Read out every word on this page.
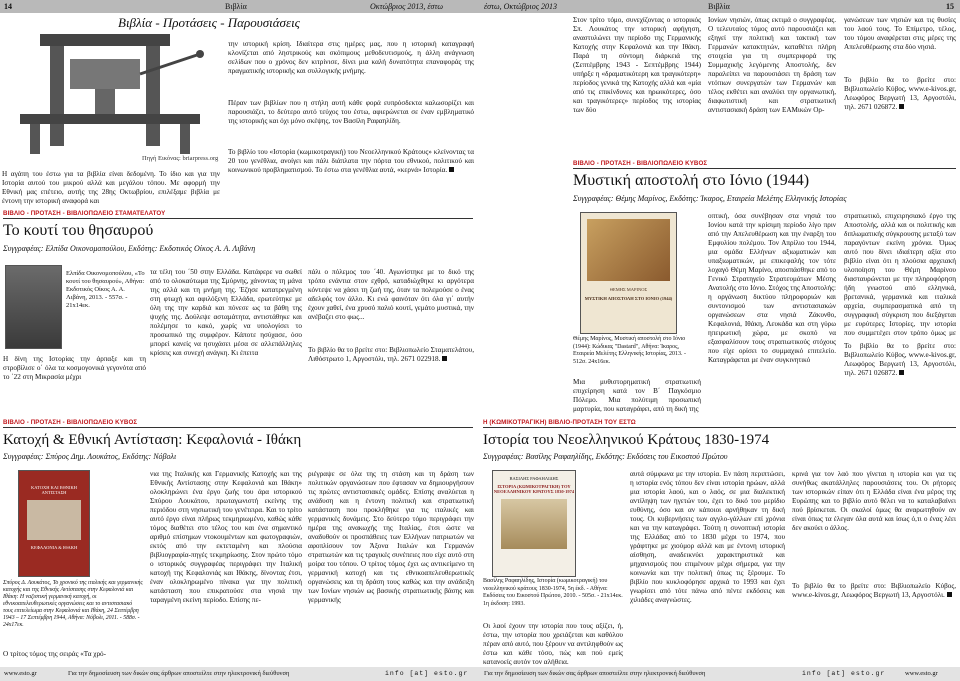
14	Βιβλία	Οκτώβριος 2013, έστω
Πηγή Εικόνας: briarpress.org
Βιβλία - Προτάσεις - Παρουσιάσεις

Η αγάπη του έστω για τα βιβλία είναι δεδομένη. Το ίδιο και για την Ιστορία αυτού του μικρού αλλά και μεγάλου τόπου. Με αφορμή την Εθνική μας επέτειο, αυτής της 28ης Οκτωβρίου, επιλέξαμε βιβλία με έντονη την ιστορική αναφορά και

την ιστορική κρίση. Ιδιαίτερα στις ημέρες μας, που η ιστορική καταγραφή κλονίζεται από ληστρικούς και σκόπιμους μεθοδευτισμούς, η άλλη ανάγνωση σελίδων που ο χρόνος δεν κιτρίνισε, δίνει μια καλή δυνατότητα επαναφοράς της πραγματικής ιστορικής και συλλογικής μνήμης.

Πέραν των βιβλίων που η στήλη αυτή κάθε φορά ευπρόσδεκτα καλωσορίζει και παρουσιάζει, το δεύτερο αυτό τεύχος του έστω, αφιερώνεται σε έναν εμβληματικό της ιστορικής και όχι μόνο σκέψης, τον Βασίλη Ραφαηλίδη.

Το βιβλίο του «Ιστορία (κωμικοτραγική) του Νεοελληνικού Κράτους» κλείνοντας τα 20 του γενέθλια, ανοίγει και πάλι διάπλατα την πόρτα του εθνικού, πολιτικού και κοινωνικού προβληματισμού. Το έστω στα γενέθλια αυτά, «κερνά» Ιστορία.

ΒΙΒΛΙΟ - ΠΡΟΤΑΣΗ - ΒΙΒΛΙΟΠΩΛΕΙΟ ΣΤΑΜΑΤΕΛΑΤΟΥ
Το κουτί του θησαυρού
Συγγραφέας: Ελπίδα Οικονομοπούλου, Εκδότης: Εκδοτικός Οίκος Α. Α. Λιβάνη
Ελπίδα Οικονομοπούλου, «Το κουτί του θησαυρού», Αθήνα: Εκδοτικός Οίκος Α. Α. Λιβάνη, 2013. - 557σ. - 21x14εκ.

Η δίνη της Ιστορίας την άρπαξε και τη στροβίλισε ο΄ όλα τα κοσμογονικά γεγονότα από το ΄22 στη Μικρασία μέχρι

τα τέλη του ΄50 στην Ελλάδα. Κατάφερε να σωθεί από το ολοκαύτωμα της Σμύρνης, χάνοντας τη μάνα της αλλά και τη μνήμη της. Έζησε κατατρεγμένη στη φτωχή και αφιλόξενη Ελλάδα, ερωτεύτηκε με όλη της την καρδιά και πόνεσε ως τα βάθη της ψυχής της. Δούλεψε ασταμάτητα, αντιστάθηκε και πολέμησε το κακό, χωρίς να υπολογίσει το προσωπικό της συμφέρον. Κάποτε ησύχασε, όσο μπορεί κανείς να ησυχάσει μέσα σε αλλεπάλληλες κρίσεις και συνεχή ανάγκη. Κι έπειτα

πάλι ο πόλεμος του ΄40. Αγωνίστηκε με το δικό της τρόπο ενάντια στον εχθρό, καταδιώχθηκε κι αργότερα κόντεψε να χάσει τη ζωή της, όταν τα πολεμούσε ο ένας αδελφός τον άλλο. Κι ενώ φαινόταν ότι όλα γι΄ αυτήν έχουν χαθεί, ένα χρυσό παλιό κουτί, γεμάτο μυστικά, την ανέβαζει στο φως...

Το βιβλίο θα το βρείτε στο: Βιβλιοπωλείο Σταματελάτου, Λιθόστρωτο 1, Αργοστόλι, τηλ. 2671 022918.

ΒΙΒΛΙΟ - ΠΡΟΤΑΣΗ - ΒΙΒΛΙΟΠΩΛΕΙΟ ΚΥΒΟΣ
Κατοχή & Εθνική Αντίσταση: Κεφαλονιά - Ιθάκη
Συγγραφέας: Σπύρος Δημ. Λουκάτος, Εκδότης: Νόβολι
ΚΑΤΟΧΗ ΚΑΙ ΕΘΝΙΚΗ ΑΝΤΙΣΤΑΣΗ
ΚΕΦΑΛΟΝΙΑ & ΙΘΑΚΗ
Σπύρος Δ. Λουκάτος, Το χρονικό της ιταλικής και γερμανικής κατοχής και της Εθνικής Αντίστασης στην Κεφαλονιά και Ιθάκη: Η ναζιστική γερμανική κατοχή, οι εθνικοαπελευθερωτικές οργανώσεις και το αντιστασιακό τους επιτελείωμα στην Κεφαλονιά και Ιθάκη, 24 Σεπτέμβρη 1943 – 17 Σεπτέμβρη 1944, Αθήνα: Νόβολι, 2011. - 588σ. - 24x17εκ.

Ο τρίτος τόμος της σειράς «Τα χρό-

νια της Ιταλικής και Γερμανικής Κατοχής και της Εθνικής Αντίστασης στην Κεφαλονιά και Ιθάκη» ολοκληρώνει ένα έργο ζωής του άρα ιστορικού Σπύρου Λουκάτου, πρωταγωνιστή εκείνης της περιόδου στη νησιωτική του γενέτειρα. Και το τρίτο αυτό έργο είναι πλήρως τεκμηριωμένο, καθώς κάθε τόμος διαθέτει στο τέλος του και ένα σημαντικό αριθμό επίσημων ντοκουμέντων και φωτογραφιών, εκτός από την εκτεταμένη και πλούσια βιβλιογραφία-πηγές τεκμηρίωσης. Στον πρώτο τόμο ο ιστορικός συγγραφέας περιγράφει την Ιταλική κατοχή της Κεφαλονιάς και Ιθάκης, δίνοντας έτσι, έναν ολοκληρωμένο πίνακα για την πολιτική κατάσταση που επικρατούσε στα νησιά την ταραγμένη εκείνη περίοδο. Επίσης πε-

ριέγραψε σε όλα της τη στάση και τη δράση των πολιτικών οργανώσεων που έφτασαν να δημιουργήσουν τις πρώτες αντιστασιακές ομάδες. Επίσης αναλύεται η ανάδυση και η έντονη πολιτική και στρατιωτική κατάσταση που προκλήθηκε για τις ιταλικές και γερμανικές δυνάμεις. Στο δεύτερο τόμο περιγράφει την ημέρα της ανακωχής της Ιταλίας, έτσι ώστε να αναδυθούν οι προσπάθειες των Ελλήνων πατριωτών να αφοπλίσουν τον Άξονα Ιταλών και Γερμανών στρατιωτών και τις τραγικές συνέπειες που είχε αυτό στη μοίρα του τόπου. Ο τρίτος τόμος έχει ως αντικείμενο τη γερμανική κατοχή και τις εθνικοαπελευθερωτικές οργανώσεις και τη δράση τους καθώς και την ανάδειξη των Ιονίων νησιών ως βασικής στρατιωτικής βάσης και γερμανικής

www.esto.gr	Για την δημοσίευση των δικών σας άρθρων αποστείλτε στην ηλεκτρονική διεύθυνση	info [at] esto.gr
έστω, Οκτώβριος 2013	Βιβλία	15

Στον τρίτο τόμο, συνεχίζοντας ο ιστορικός Σπ. Λουκάτος την ιστορική αφήγηση, αναστυλώνει την περίοδο της Γερμανικής Κατοχής στην Κεφαλονιά και την Ιθάκη. Παρά τη σύντομη διάρκειά της (Σεπτέμβρης 1943 - Σεπτέμβρης 1944) υπήρξε η «δραματικότερη και τραγικότερη» περίοδος γενικά της Κατοχής αλλά και «μία από τις επικίνδυνες και ηρωικότερες, όσο και τραγικότερες» περίοδος της ιστορίας των δύο

Ιονίων νησιών, όπως εκτιμά ο συγγραφέας. Ο τελευταίος τόμος αυτό παρουσιάζει και εξηγεί την πολιτική και τακτική των Γερμανών κατακτητών, καταθέτει πλήρη στοιχεία για τη συμπεριφορά της Συμμαχικής λεγόμενης Αποστολής, δεν παραλείπει να παρουσιάσει τη δράση των ντόπιων συνεργατών των Γερμανών και τέλος εκθέτει και αναλύει την οργανωτική, διαφωτιστική και στρατιωτική αντιστασιακή δράση των ΕΑΜικών Ορ-

γανώσεων των νησιών και τις θυσίες του λαού τους. Το Επίμετρο, τέλος, του τόμου αναφέρεται στις μέρες της Απελευθέρωσης στα δύο νησιά.

Το βιβλίο θα το βρείτε στο: Βιβλιοπωλείο Κύβος, www.e-kivos.gr, Λεωφόρος Βεργωτή 13, Αργοστόλι, τηλ. 2671 026872.

ΒΙΒΛΙΟ - ΠΡΟΤΑΣΗ - ΒΙΒΛΙΟΠΩΛΕΙΟ ΚΥΒΟΣ
Μυστική αποστολή στο Ιόνιο (1944)
Συγγραφέας: Θέμης Μαρίνος, Εκδότης: Ίκαρος, Εταιρεία Μελέτης Ελληνικής Ιστορίας
ΘΕΜΗΣ ΜΑΡΙΝΟΣ
ΜΥΣΤΙΚΗ ΑΠΟΣΤΟΛΗ ΣΤΟ ΙΟΝΙΟ (1944)
Θέμης Μαρίνος, Μυστική αποστολή στο Ιόνιο (1944): Κώδικας "Dastard", Αθήνα: Ίκαρος, Εταιρεία Μελέτης Ελληνικής Ιστορίας, 2013. - 512σ. 24x16εκ.

Μια μυθιστορηματική στρατιωτική επιχείρηση κατά τον Β΄ Παγκόσμιο Πόλεμο. Μια πολύτιμη προσωπική μαρτυρία, που καταγράφει, από τη δική της

οπτική, όσα συνέβησαν στα νησιά του Ιονίου κατά την κρίσιμη περίοδο λίγο πριν από την Απελευθέρωση και την έναρξη του Εμφυλίου πολέμου. Τον Απρίλιο του 1944, μια ομάδα Ελλήνων αξιωματικών και υπαξιωματικών, με επικεφαλής τον τότε λοχαγό Θέμη Μαρίνο, αποσπάσθηκε από το Γενικό Στρατηγείο Στρατευμάτων Μέσης Ανατολής στο Ιόνιο. Στόχος της Αποστολής: η οργάνωση δικτύου πληροφοριών και συντονισμού των αντιστασιακών οργανώσεων στα νησιά Ζάκυνθο, Κεφαλονιά, Ιθάκη, Λευκάδα και στη γύρω ηπειρωτική χώρα, με σκοπό να εξασφαλίσουν τους στρατιωτικούς στόχους που είχε ορίσει το συμμαχικό επιτελείο. Καταγράφεται με έναν συγκινητικό

στρατιωτικό, επιχειρησιακό έργο της Αποστολής, αλλά και οι πολιτικής και διπλωματικής σύγκρουσης μεταξύ των παραγόντων εκείνη χρόνια. Όμως αυτό που δίνει ιδιαίτερη αξία στο βιβλίο είναι ότι η πλούσια αρχειακή υλοποίηση του Θέμη Μαρίνου διασταυρώνεται με την πληροφόρηση ήδη γνωστού από ελληνικά, βρετανικά, γερμανικά και ιταλικά αρχεία, συμπερασματικά από τη συγγραφική σύγκριση που διεξάγεται με ευρύτερες Ιστορίες, την ιστορία που συμμετέχει στον τρόπο όμως με

Το βιβλίο θα το βρείτε στο: Βιβλιοπωλείο Κύβος, www.e-kivos.gr, Λεωφόρος Βεργωτή 13, Αργοστόλι, τηλ. 2671 026872.

Η (ΚΩΜΙΚΟΤΡΑΓΙΚΗ) ΒΙΒΛΙΟ-ΠΡΟΤΑΣΗ ΤΟΥ ΕΣΤΩ
Ιστορία του Νεοελληνικού Κράτους 1830-1974
Συγγραφέας: Βασίλης Ραφαηλίδης, Εκδότης: Εκδόσεις του Εικοστού Πρώτου
ΒΑΣΙΛΗΣ ΡΑΦΑΗΛΙΔΗΣ
ΙΣΤΟΡΙΑ (ΚΩΜΙΚΟΤΡΑΓΙΚΗ) ΤΟΥ ΝΕΟΕΛΛΗΝΙΚΟΥ ΚΡΑΤΟΥΣ 1830-1974
Βασίλης Ραφαηλίδης, Ιστορία (κωμικοτραγική) του νεοελληνικού κράτους 1830-1974, 5η έκδ. - Αθήνα: Εκδόσεις του Εικοστού Πρώτου, 2010. - 505σ. - 21x14εκ. 1η έκδοση: 1993.

Οι λαοί έχουν την ιστορία που τους αξίζει, ή, έστω, την ιστορία που χρειάζεται και καθόλου πέραν από αυτό, που ξέρουν να αντιληφθούν ως έστω και κάθε τόσο, πώς και πού εμείς κατανοείς αυτόν τον αλήθεια.

αυτά σύμφωνα με την ιστορία. Εν πάση περιπτώσει, η ιστορία ενός τόπου δεν είναι ιστορία ηρώων, αλλά μια ιστορία λαού, και ο λαός, σε μια διαλεκτική αντίληψη των ηγετών του, έχει το δικό του μερίδιο ευθύνης, όσο και αν κάποιοι αρνήθηκαν τη δική τους. Οι κυβερνήσεις των αγγλο-γάλλων επί χρόνια και να την καταγράφει. Τούτη η συνοπτική ιστορία της Ελλάδας από το 1830 μέχρι το 1974, που γράφτηκε με χιούμορ αλλά και με έντονη ιστορική αίσθηση, αναδεικνύει χαρακτηριστικά και μηχανισμούς που επιμένουν μέχρι σήμερα, για την κοινωνία και την πολιτική όπως τις ξέρουμε. Το βιβλίο που κυκλοφόρησε αρχικά το 1993 και έχει γνωρίσει από τότε πάνω από πέντε εκδόσεις και χιλιάδες αναγνώστες.

κρινά για τον λαό που γίνεται η ιστορία και για τις συνήθως ακατάλληλες παρουσιάσεις του. Οι ρήτορες των ιστορικών είπαν ότι η Ελλάδα είναι ένα μέρος της Ευρώπης και το βιβλίο αυτό θέλει να το καταλαβαίνει πού βρίσκεται. Οι σκαλοί όμως θα αναρωτηθούν αν είναι όπως τα έλεγαν όλα αυτά και ίσως ό,τι ο ένας λέει δεν ακούει ο άλλος.

Το βιβλίο θα το βρείτε στο: Βιβλιοπωλείο Κύβος, www.e-kivos.gr, Λεωφόρος Βεργωτή 13, Αργοστόλι.

Για την δημοσίευση των δικών σας άρθρων αποστείλτε στην ηλεκτρονική διεύθυνση	info [at] esto.gr	www.esto.gr
